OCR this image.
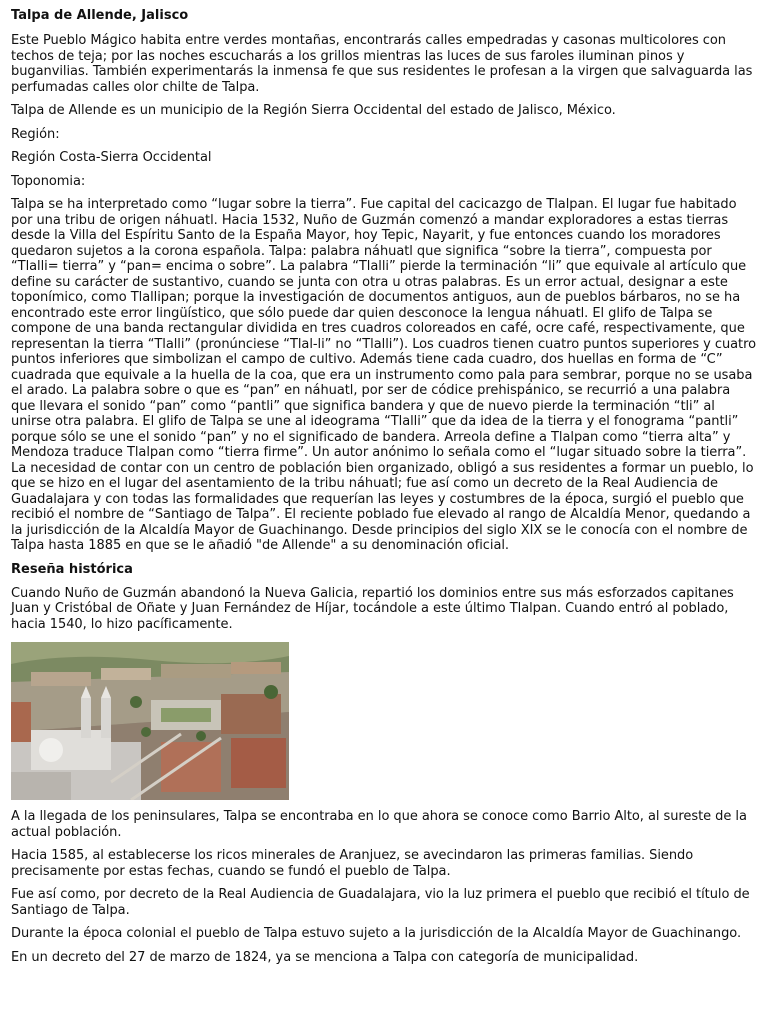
Talpa de Allende, Jalisco

Este Pueblo Mágico habita entre verdes montañas, encontrarás calles empedradas y casonas multicolores con techos de teja; por las noches escucharás a los grillos mientras las luces de sus faroles iluminan pinos y buganvilias. También experimentarás la inmensa fe que sus residentes le profesan a la virgen que salvaguarda las perfumadas calles olor chilte de Talpa.

Talpa de Allende es un municipio de la Región Sierra Occidental del estado de Jalisco, México.

Región:

Región Costa-Sierra Occidental

Toponomia:

Talpa se ha interpretado como “lugar sobre la tierra”. Fue capital del cacicazgo de Tlalpan. El lugar fue habitado por una tribu de origen náhuatl. Hacia 1532, Nuño de Guzmán comenzó a mandar exploradores a estas tierras desde la Villa del Espíritu Santo de la España Mayor, hoy Tepic, Nayarit, y fue entonces cuando los moradores quedaron sujetos a la corona española. Talpa: palabra náhuatl que significa “sobre la tierra”, compuesta por “Tlalli= tierra” y “pan= encima o sobre”. La palabra “Tlalli” pierde la terminación “li” que equivale al artículo que define su carácter de sustantivo, cuando se junta con otra u otras palabras. Es un error actual, designar a este toponímico, como Tlallipan; porque la investigación de documentos antiguos, aun de pueblos bárbaros, no se ha encontrado este error lingüístico, que sólo puede dar quien desconoce la lengua náhuatl. El glifo de Talpa se compone de una banda rectangular dividida en tres cuadros coloreados en café, ocre café, respectivamente, que representan la tierra “Tlalli” (pronúnciese “Tlal-li” no “Tlalli”). Los cuadros tienen cuatro puntos superiores y cuatro puntos inferiores que simbolizan el campo de cultivo. Además tiene cada cuadro, dos huellas en forma de “C” cuadrada que equivale a la huella de la coa, que era un instrumento como pala para sembrar, porque no se usaba el arado. La palabra sobre o que es “pan” en náhuatl, por ser de códice prehispánico, se recurrió a una palabra que llevara el sonido “pan” como “pantli” que significa bandera y que de nuevo pierde la terminación “tli” al unirse otra palabra. El glifo de Talpa se une al ideograma “Tlalli” que da idea de la tierra y el fonograma “pantli” porque sólo se une el sonido “pan” y no el significado de bandera. Arreola define a Tlalpan como “tierra alta” y Mendoza traduce Tlalpan como “tierra firme”. Un autor anónimo lo señala como el “lugar situado sobre la tierra”. La necesidad de contar con un centro de población bien organizado, obligó a sus residentes a formar un pueblo, lo que se hizo en el lugar del asentamiento de la tribu náhuatl; fue así como un decreto de la Real Audiencia de Guadalajara y con todas las formalidades que requerían las leyes y costumbres de la época, surgió el pueblo que recibió el nombre de “Santiago de Talpa”. El reciente poblado fue elevado al rango de Alcaldía Menor, quedando a la jurisdicción de la Alcaldía Mayor de Guachinango. Desde principios del siglo XIX se le conocía con el nombre de Talpa hasta 1885 en que se le añadió "de Allende" a su denominación oficial.

Reseña histórica

Cuando Nuño de Guzmán abandonó la Nueva Galicia, repartió los dominios entre sus más esforzados capitanes Juan y Cristóbal de Oñate y Juan Fernández de Híjar, tocándole a este último Tlalpan. Cuando entró al poblado, hacia 1540, lo hizo pacíficamente.

A la llegada de los peninsulares, Talpa se encontraba en lo que ahora se conoce como Barrio Alto, al sureste de la actual población.

Hacia 1585, al establecerse los ricos minerales de Aranjuez, se avecindaron las primeras familias. Siendo precisamente por estas fechas, cuando se fundó el pueblo de Talpa.

Fue así como, por decreto de la Real Audiencia de Guadalajara, vio la luz primera el pueblo que recibió el título de Santiago de Talpa.

Durante la época colonial el pueblo de Talpa estuvo sujeto a la jurisdicción de la Alcaldía Mayor de Guachinango.

En un decreto del 27 de marzo de 1824, ya se menciona a Talpa con categoría de municipalidad.
